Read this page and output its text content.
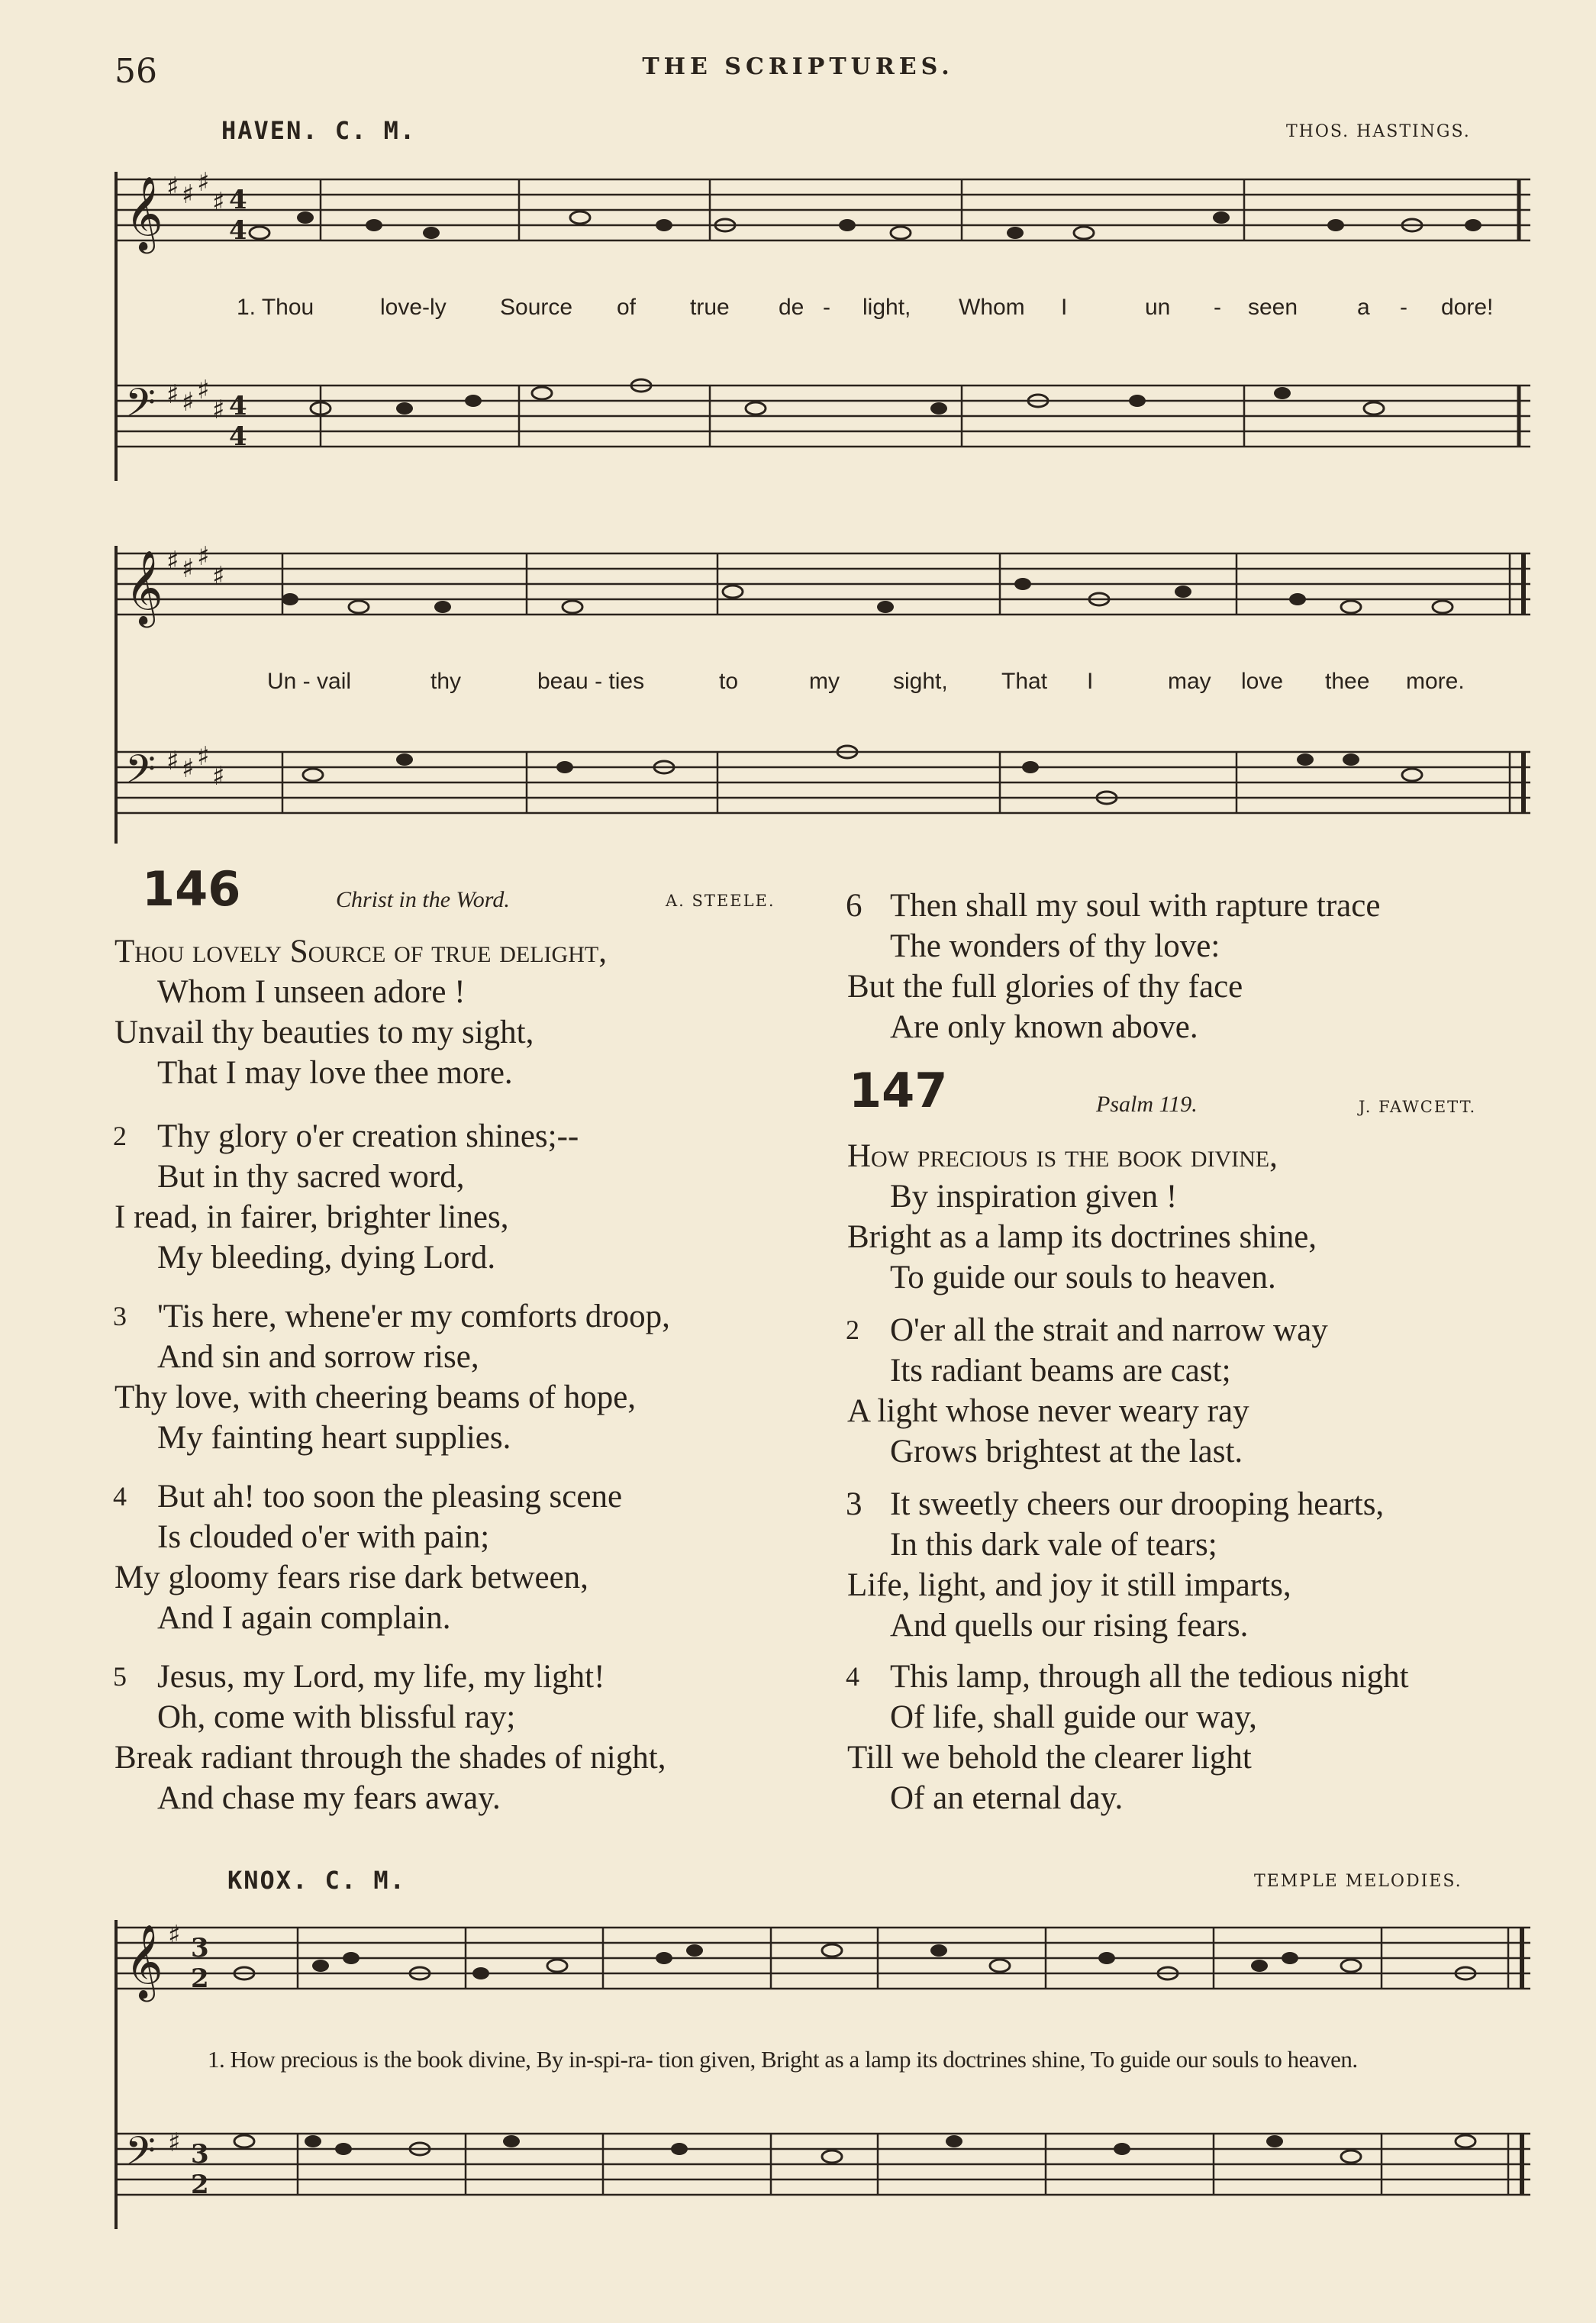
56	THE SCRIPTURES.
HAVEN. C. M.	THOS. HASTINGS.
𝄞
𝄢
♯ ♯ ♯
♯
♯ ♯ ♯
♯
4
4
4
4
1. Thou	love-ly Source of true de - light, Whom I	un - seen	a - dore!
𝄞
𝄢
♯ ♯ ♯
♯
♯ ♯ ♯
♯
Un - vail	thy	beau - ties	to	my sight, That I	may love thee more.
146	Christ in the Word.	A. STEELE.
Thou lovely Source of true delight,
Whom I unseen adore !
Unvail thy beauties to my sight,
That I may love thee more.
2 Thy glory o'er creation shines;--
But in thy sacred word,
I read, in fairer, brighter lines,
My bleeding, dying Lord.
3 'Tis here, whene'er my comforts droop,
And sin and sorrow rise,
Thy love, with cheering beams of hope,
My fainting heart supplies.
4 But ah! too soon the pleasing scene
Is clouded o'er with pain;
My gloomy fears rise dark between,
And I again complain.
5 Jesus, my Lord, my life, my light!
Oh, come with blissful ray;
Break radiant through the shades of night,
And chase my fears away.
6 Then shall my soul with rapture trace
The wonders of thy love:
But the full glories of thy face
Are only known above.
147	Psalm 119.	J. FAWCETT.
How precious is the book divine,
By inspiration given !
Bright as a lamp its doctrines shine,
To guide our souls to heaven.
2 O'er all the strait and narrow way
Its radiant beams are cast;
A light whose never weary ray
Grows brightest at the last.
3 It sweetly cheers our drooping hearts,
In this dark vale of tears;
Life, light, and joy it still imparts,
And quells our rising fears.
4 This lamp, through all the tedious night
Of life, shall guide our way,
Till we behold the clearer light
Of an eternal day.
KNOX. C. M.	TEMPLE MELODIES.
𝄞
𝄢
♯
♯
3
2
3
2
1. How precious is the book divine, By in-spi-ra- tion given, Bright as a lamp its doctrines shine, To guide our souls to heaven.
